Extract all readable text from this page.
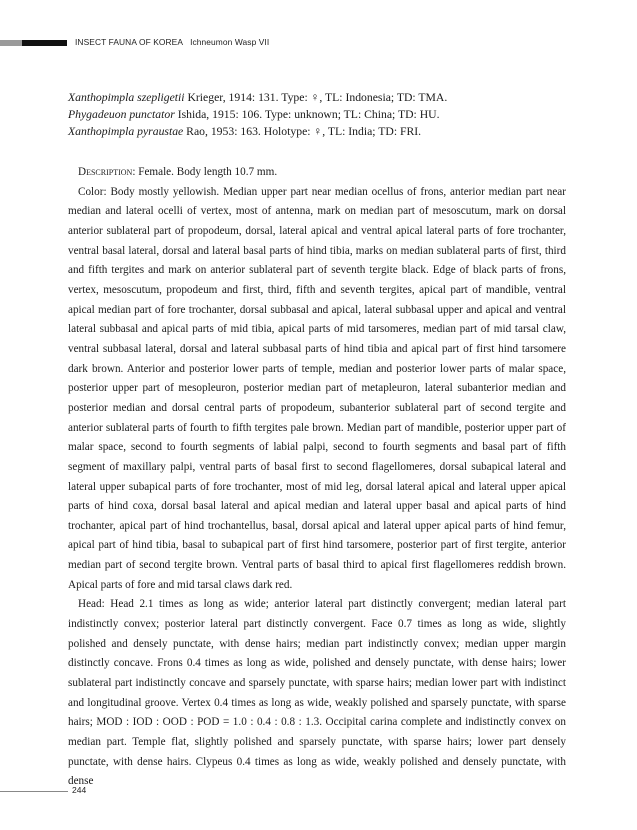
INSECT FAUNA OF KOREA Ichneumon Wasp VII
Xanthopimpla szepligetii Krieger, 1914: 131. Type: ♀, TL: Indonesia; TD: TMA.
Phygadeuon punctator Ishida, 1915: 106. Type: unknown; TL: China; TD: HU.
Xanthopimpla pyraustae Rao, 1953: 163. Holotype: ♀, TL: India; TD: FRI.

Description: Female. Body length 10.7 mm.

Color: Body mostly yellowish. Median upper part near median ocellus of frons, anterior median part near median and lateral ocelli of vertex, most of antenna, mark on median part of mesoscutum, mark on dorsal anterior sublateral part of propodeum, dorsal, lateral apical and ventral apical lateral parts of fore trochanter, ventral basal lateral, dorsal and lateral basal parts of hind tibia, marks on median sublateral parts of first, third and fifth tergites and mark on anterior sublateral part of seventh tergite black. Edge of black parts of frons, vertex, mesoscutum, propodeum and first, third, fifth and seventh tergites, apical part of mandible, ventral apical median part of fore trochanter, dorsal subbasal and apical, lateral subbasal upper and apical and ventral lateral subbasal and apical parts of mid tibia, apical parts of mid tarsomeres, median part of mid tarsal claw, ventral subbasal lateral, dorsal and lateral subbasal parts of hind tibia and apical part of first hind tarsomere dark brown. Anterior and posterior lower parts of temple, median and posterior lower parts of malar space, posterior upper part of mesopleuron, posterior median part of metapleuron, lateral subanterior median and posterior median and dorsal central parts of propodeum, subanterior sublateral part of second tergite and anterior sublateral parts of fourth to fifth tergites pale brown. Median part of mandible, posterior upper part of malar space, second to fourth segments of labial palpi, second to fourth segments and basal part of fifth segment of maxillary palpi, ventral parts of basal first to second flagellomeres, dorsal subapical lateral and lateral upper subapical parts of fore trochanter, most of mid leg, dorsal lateral apical and lateral upper apical parts of hind coxa, dorsal basal lateral and apical median and lateral upper basal and apical parts of hind trochanter, apical part of hind trochantellus, basal, dorsal apical and lateral upper apical parts of hind femur, apical part of hind tibia, basal to subapical part of first hind tarsomere, posterior part of first tergite, anterior median part of second tergite brown. Ventral parts of basal third to apical first flagellomeres reddish brown. Apical parts of fore and mid tarsal claws dark red.

Head: Head 2.1 times as long as wide; anterior lateral part distinctly convergent; median lateral part indistinctly convex; posterior lateral part distinctly convergent. Face 0.7 times as long as wide, slightly polished and densely punctate, with dense hairs; median part indistinctly convex; median upper margin distinctly concave. Frons 0.4 times as long as wide, polished and densely punctate, with dense hairs; lower sublateral part indistinctly concave and sparsely punctate, with sparse hairs; median lower part with indistinct and longitudinal groove. Vertex 0.4 times as long as wide, weakly polished and sparsely punctate, with sparse hairs; MOD : IOD : OOD : POD = 1.0 : 0.4 : 0.8 : 1.3. Occipital carina complete and indistinctly convex on median part. Temple flat, slightly polished and sparsely punctate, with sparse hairs; lower part densely punctate, with dense hairs. Clypeus 0.4 times as long as wide, weakly polished and densely punctate, with dense

244
